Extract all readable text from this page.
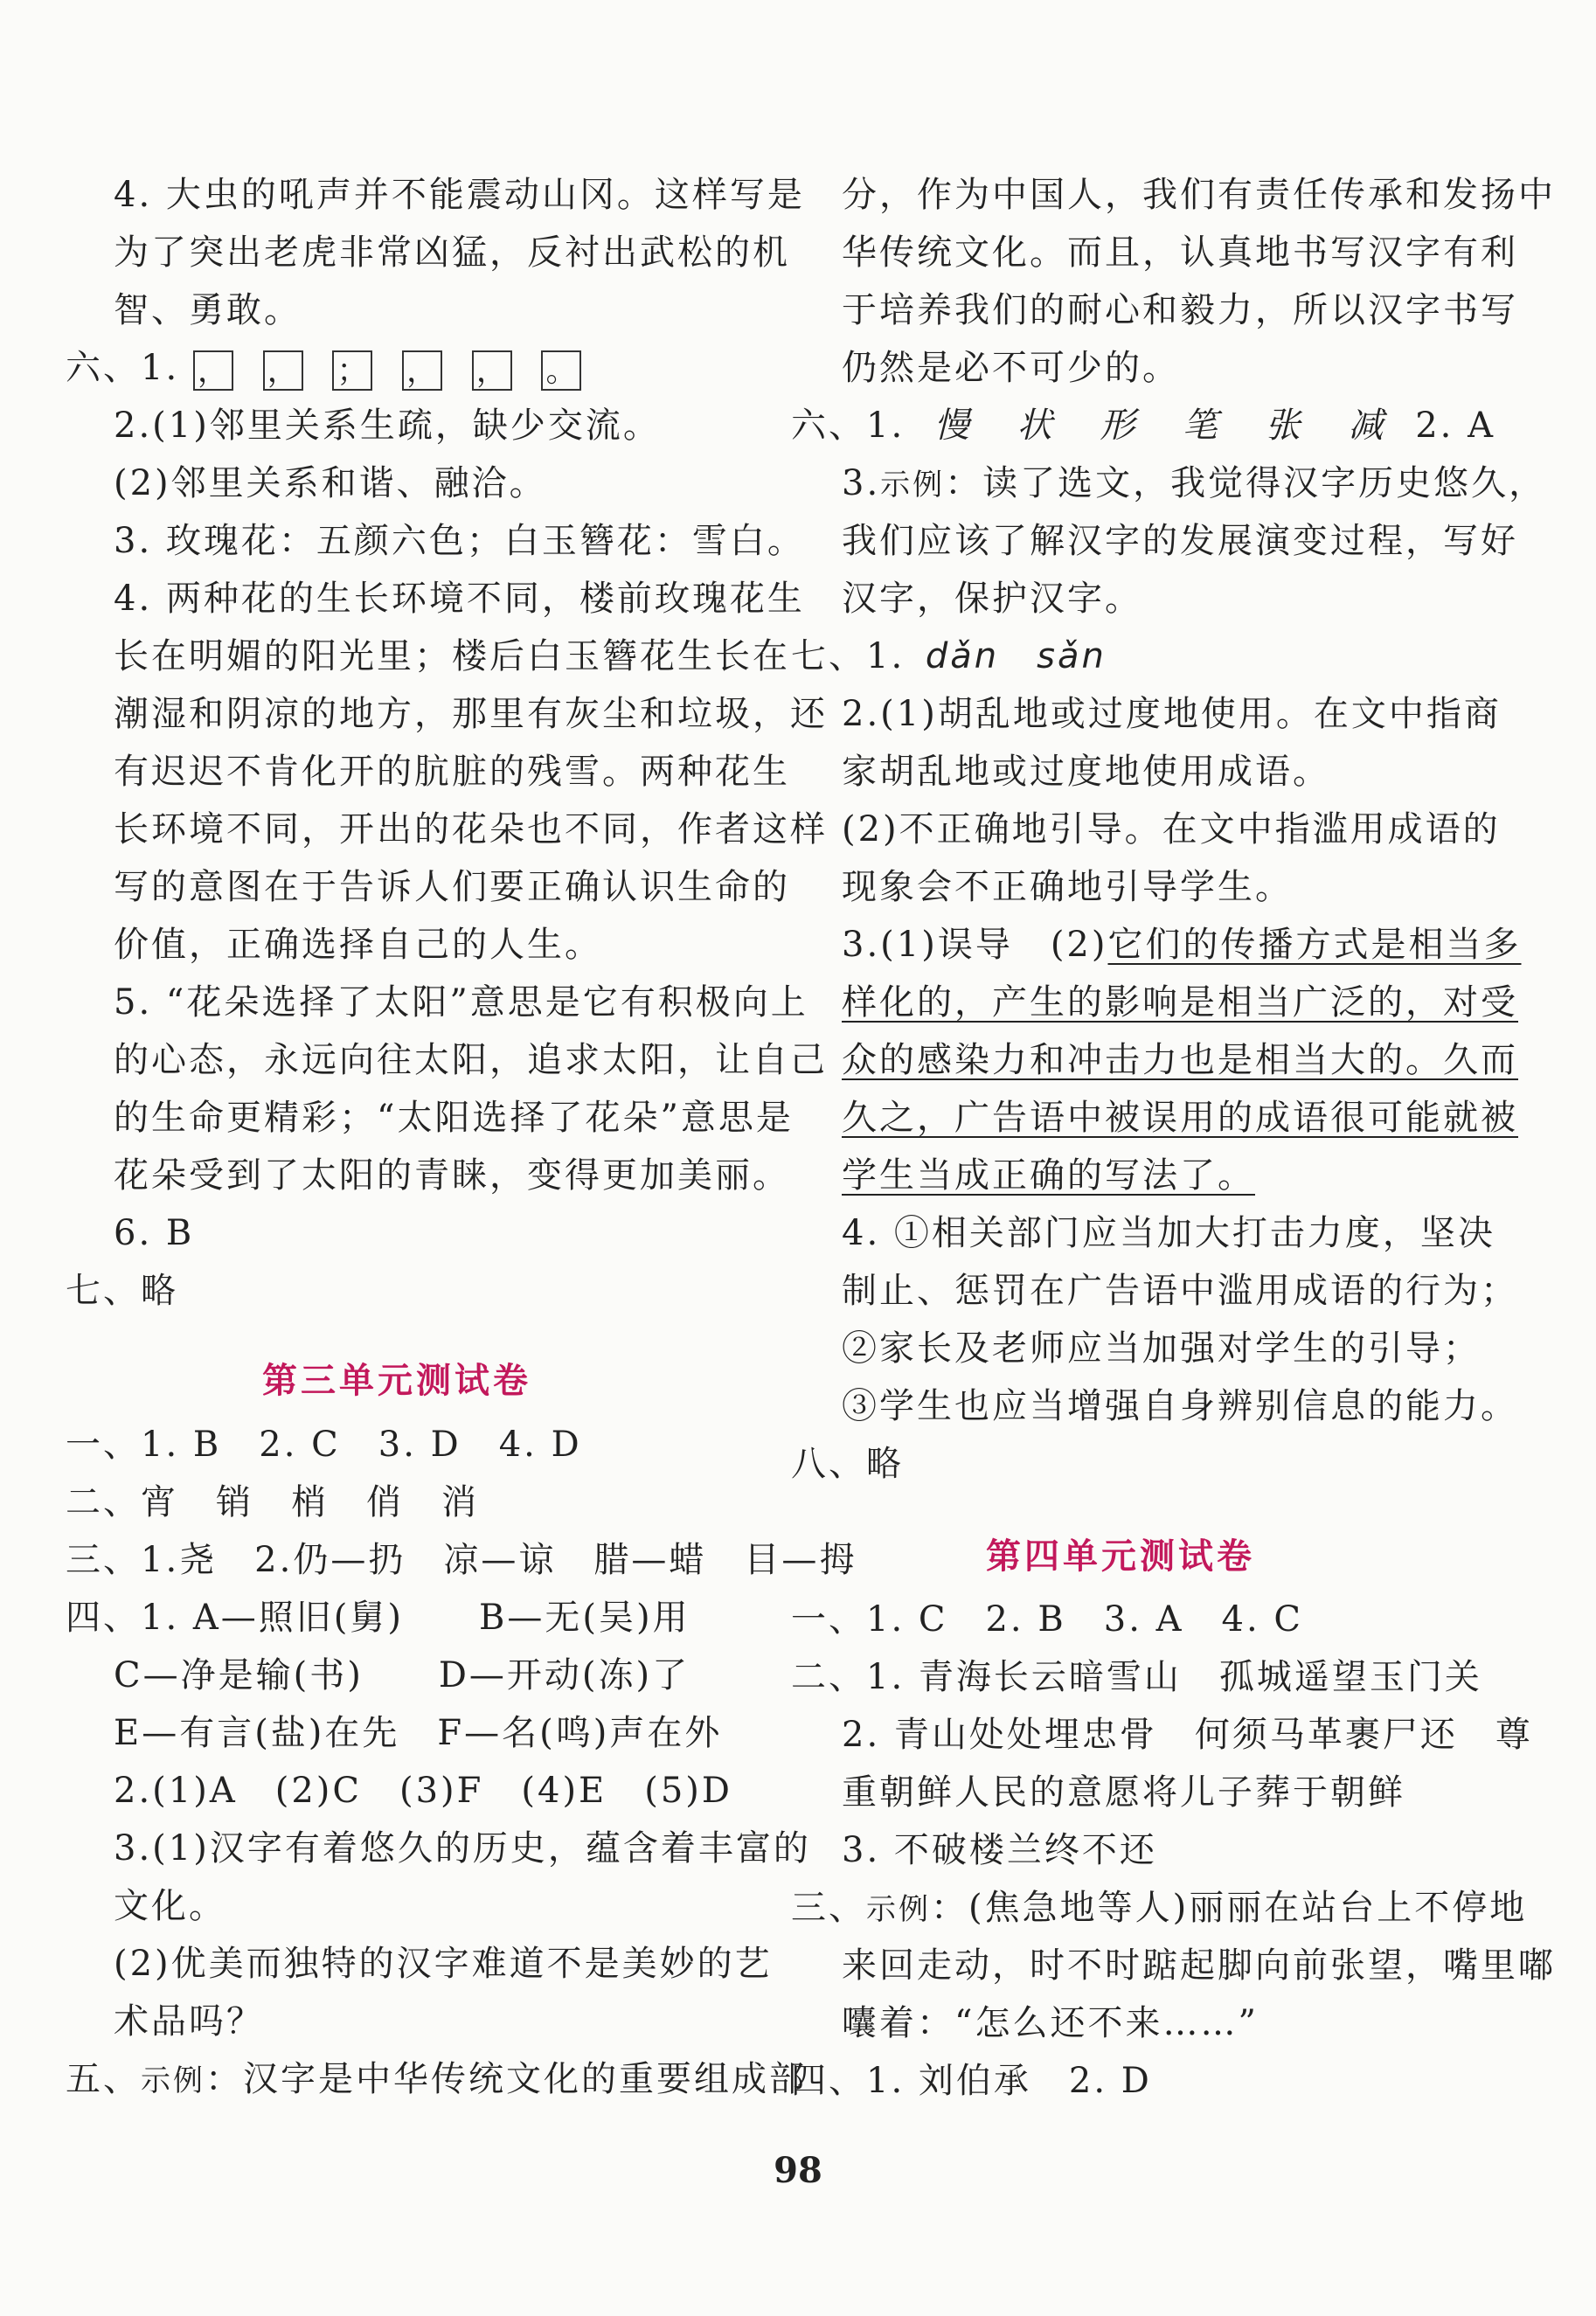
4. 大虫的吼声并不能震动山冈。这样写是
为了突出老虎非常凶猛，反衬出武松的机
智、勇敢。
六、1. ， ， ； ， ， 。
2.(1)邻里关系生疏，缺少交流。
(2)邻里关系和谐、融洽。
3. 玫瑰花：五颜六色；白玉簪花：雪白。
4. 两种花的生长环境不同，楼前玫瑰花生
长在明媚的阳光里；楼后白玉簪花生长在
潮湿和阴凉的地方，那里有灰尘和垃圾，还
有迟迟不肯化开的肮脏的残雪。两种花生
长环境不同，开出的花朵也不同，作者这样
写的意图在于告诉人们要正确认识生命的
价值，正确选择自己的人生。
5. “花朵选择了太阳”意思是它有积极向上
的心态，永远向往太阳，追求太阳，让自己
的生命更精彩；“太阳选择了花朵”意思是
花朵受到了太阳的青睐，变得更加美丽。
6. B
七、略
第三单元测试卷
一、1. B　2. C　3. D　4. D
二、宵　销　梢　俏　消
三、1.尧　2.仍—扔　凉—谅　腊—蜡　目—拇
四、1. A—照旧(舅)　　B—无(吴)用
C—净是输(书)　　D—开动(冻)了
E—有言(盐)在先　F—名(鸣)声在外
2.(1)A　(2)C　(3)F　(4)E　(5)D
3.(1)汉字有着悠久的历史，蕴含着丰富的
文化。
(2)优美而独特的汉字难道不是美妙的艺
术品吗？
五、示例：汉字是中华传统文化的重要组成部
分，作为中国人，我们有责任传承和发扬中
华传统文化。而且，认真地书写汉字有利
于培养我们的耐心和毅力，所以汉字书写
仍然是必不可少的。
六、1. 慢 状 形 笔 张 减 2. A
3.示例：读了选文，我觉得汉字历史悠久，
我们应该了解汉字的发展演变过程，写好
汉字，保护汉字。
七、1. dǎn　sǎn
2.(1)胡乱地或过度地使用。在文中指商
家胡乱地或过度地使用成语。
(2)不正确地引导。在文中指滥用成语的
现象会不正确地引导学生。
3.(1)误导　(2)它们的传播方式是相当多
样化的，产生的影响是相当广泛的，对受
众的感染力和冲击力也是相当大的。久而
久之，广告语中被误用的成语很可能就被
学生当成正确的写法了。
4. ①相关部门应当加大打击力度，坚决
制止、惩罚在广告语中滥用成语的行为；
②家长及老师应当加强对学生的引导；
③学生也应当增强自身辨别信息的能力。
八、略
第四单元测试卷
一、1. C　2. B　3. A　4. C
二、1. 青海长云暗雪山　孤城遥望玉门关
2. 青山处处埋忠骨　何须马革裹尸还　尊
重朝鲜人民的意愿将儿子葬于朝鲜
3. 不破楼兰终不还
三、示例：(焦急地等人)丽丽在站台上不停地
来回走动，时不时踮起脚向前张望，嘴里嘟
囔着：“怎么还不来……”
四、1. 刘伯承　2. D
98
